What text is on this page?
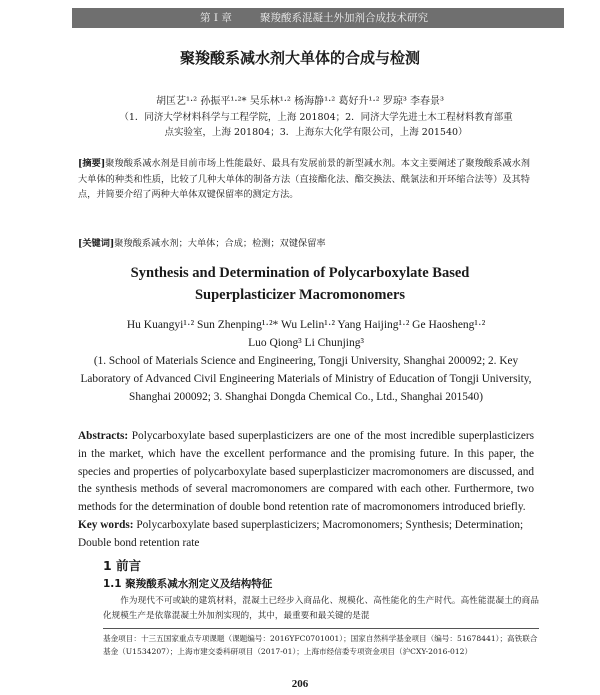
第 I 章	聚羧酸系混凝土外加剂合成技术研究
聚羧酸系减水剂大单体的合成与检测
胡匡艺¹·² 孙振平¹·²* 吴乐林¹·² 杨海静¹·² 葛好升¹·² 罗琼³ 李春景³
（1．同济大学材料科学与工程学院，上海 201804；2．同济大学先进土木工程材料教育部重点实验室，上海 201804；3．上海东大化学有限公司，上海 201540）
[摘要]聚羧酸系减水剂是目前市场上性能最好、最具有发展前景的新型减水剂。本文主要阐述了聚羧酸系减水剂大单体的种类和性质，比较了几种大单体的制备方法（直接酯化法、酯交换法、酰氯法和开环缩合法等）及其特点，并简要介绍了两种大单体双键保留率的测定方法。
[关键词]聚羧酸系减水剂；大单体；合成；检测；双键保留率
Synthesis and Determination of Polycarboxylate Based
Superplasticizer Macromonomers
Hu Kuangyi¹·² Sun Zhenping¹·²* Wu Lelin¹·² Yang Haijing¹·² Ge Haosheng¹·²
Luo Qiong³ Li Chunjing³
(1. School of Materials Science and Engineering, Tongji University, Shanghai 200092; 2. Key Laboratory of Advanced Civil Engineering Materials of Ministry of Education of Tongji University, Shanghai 200092; 3. Shanghai Dongda Chemical Co., Ltd., Shanghai 201540)
Abstracts: Polycarboxylate based superplasticizers are one of the most incredible superplasticizers in the market, which have the excellent performance and the promising future. In this paper, the species and properties of polycarboxylate based superplasticizer macromonomers are discussed, and the synthesis methods of several macromonomers are compared with each other. Furthermore, two methods for the determination of double bond retention rate of macromonomers introduced briefly.
Key words: Polycarboxylate based superplasticizers; Macromonomers; Synthesis; Determination; Double bond retention rate
1 前言
1.1 聚羧酸系减水剂定义及结构特征
作为现代不可或缺的建筑材料，混凝土已经步入商品化、规模化、高性能化的生产时代。高性能混凝土的商品化规模生产是依靠混凝土外加剂实现的，其中，最重要和最关键的是混
基金项目：十三五国家重点专项课题（课题编号：2016YFC0701001）；国家自然科学基金项目（编号：51678441）；高铁联合基金（U1534207）；上海市建交委科研项目（2017-01）；上海市经信委专项资金项目（沪CXY-2016-012）
206
